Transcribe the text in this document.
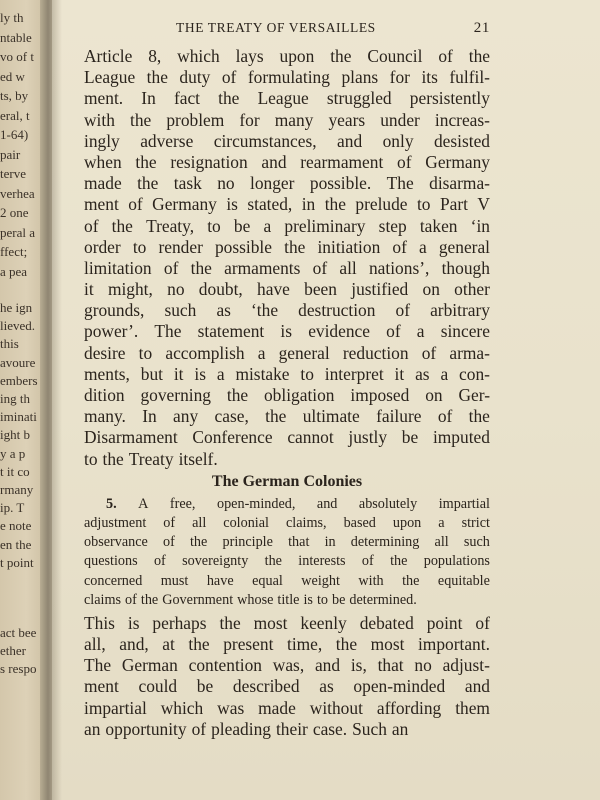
ly th
ntable
vo of t
ed w
ts, by
eral, t
1-64)
pair
terve
verhea
2 one
peral a
ffect;
a pea
he ign
lieved.
this
avoure
embers
ing th
iminati
ight b
y a p
t it co
rmany
ip. T
e note
en the
t point
act bee
ether
s respo
THE TREATY OF VERSAILLES	21
Article 8, which lays upon the Council of the
League the duty of formulating plans for its fulfil-
ment. In fact the League struggled persistently
with the problem for many years under increas-
ingly adverse circumstances, and only desisted
when the resignation and rearmament of Germany
made the task no longer possible. The disarma-
ment of Germany is stated, in the prelude to Part V
of the Treaty, to be a preliminary step taken ‘in
order to render possible the initiation of a general
limitation of the armaments of all nations’, though
it might, no doubt, have been justified on other
grounds, such as ‘the destruction of arbitrary
power’. The statement is evidence of a sincere
desire to accomplish a general reduction of arma-
ments, but it is a mistake to interpret it as a con-
dition governing the obligation imposed on Ger-
many. In any case, the ultimate failure of the
Disarmament Conference cannot justly be imputed
to the Treaty itself.
The German Colonies
5. A free, open-minded, and absolutely impartial
adjustment of all colonial claims, based upon a strict
observance of the principle that in determining all such
questions of sovereignty the interests of the populations
concerned must have equal weight with the equitable
claims of the Government whose title is to be determined.
This is perhaps the most keenly debated point of
all, and, at the present time, the most important.
The German contention was, and is, that no adjust-
ment could be described as open-minded and
impartial which was made without affording them
an opportunity of pleading their case. Such an
